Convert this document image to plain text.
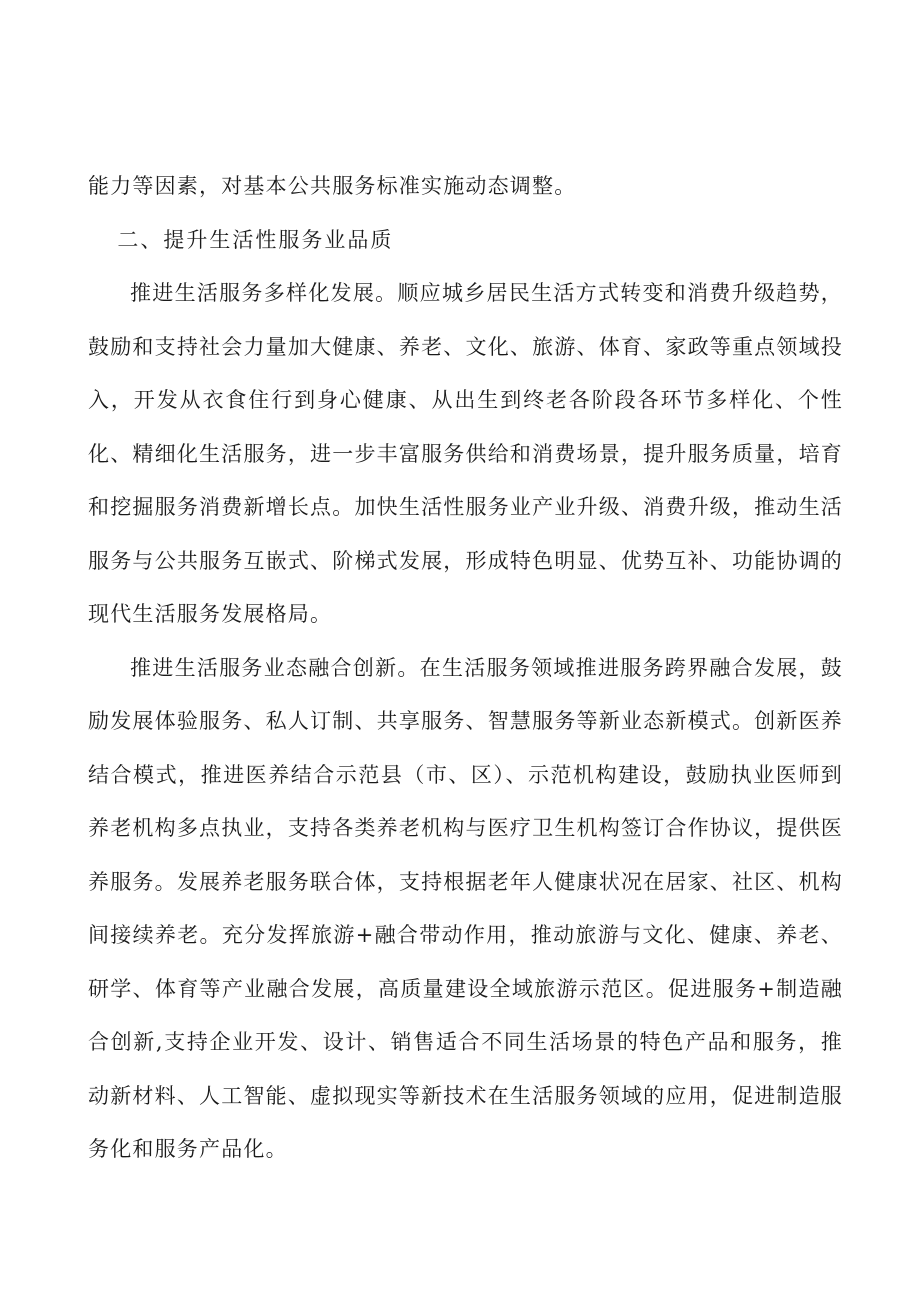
能力等因素，对基本公共服务标准实施动态调整。

二、提升生活性服务业品质

推进生活服务多样化发展。顺应城乡居民生活方式转变和消费升级趋势，鼓励和支持社会力量加大健康、养老、文化、旅游、体育、家政等重点领域投入，开发从衣食住行到身心健康、从出生到终老各阶段各环节多样化、个性化、精细化生活服务，进一步丰富服务供给和消费场景，提升服务质量，培育和挖掘服务消费新增长点。加快生活性服务业产业升级、消费升级，推动生活服务与公共服务互嵌式、阶梯式发展，形成特色明显、优势互补、功能协调的现代生活服务发展格局。

推进生活服务业态融合创新。在生活服务领域推进服务跨界融合发展，鼓励发展体验服务、私人订制、共享服务、智慧服务等新业态新模式。创新医养结合模式，推进医养结合示范县（市、区）、示范机构建设，鼓励执业医师到养老机构多点执业，支持各类养老机构与医疗卫生机构签订合作协议，提供医养服务。发展养老服务联合体，支持根据老年人健康状况在居家、社区、机构间接续养老。充分发挥旅游+融合带动作用，推动旅游与文化、健康、养老、研学、体育等产业融合发展，高质量建设全域旅游示范区。促进服务+制造融合创新,支持企业开发、设计、销售适合不同生活场景的特色产品和服务，推动新材料、人工智能、虚拟现实等新技术在生活服务领域的应用，促进制造服务化和服务产品化。
